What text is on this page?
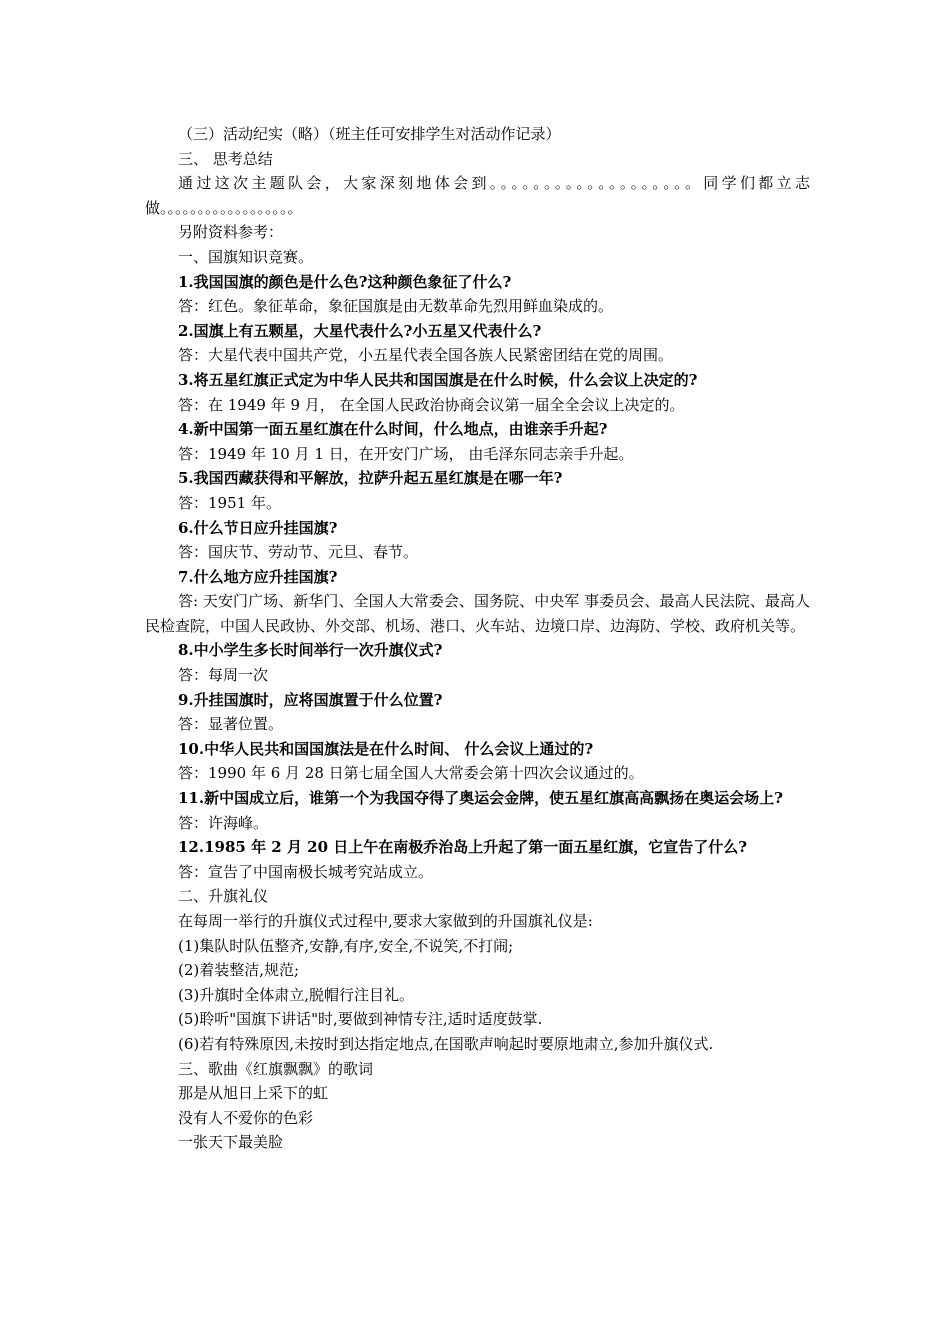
（三）活动纪实（略）（班主任可安排学生对活动作记录）
三、 思考总结
通过这次主题队会，大家深刻地体会到。。。。。。。。。。。。。。。。。。。同学们都立志做。。。。。。。。。。。。。。。。。。
另附资料参考：
一、国旗知识竞赛。
1.我国国旗的颜色是什么色?这种颜色象征了什么?
答：红色。象征革命，象征国旗是由无数革命先烈用鲜血染成的。
2.国旗上有五颗星，大星代表什么?小五星又代表什么?
答：大星代表中国共产党，小五星代表全国各族人民紧密团结在党的周围。
3.将五星红旗正式定为中华人民共和国国旗是在什么时候，什么会议上决定的?
答：在 1949 年 9 月， 在全国人民政治协商会议第一届全全会议上决定的。
4.新中国第一面五星红旗在什么时间，什么地点，由谁亲手升起?
答：1949 年 10 月 1 日，在开安门广场， 由毛泽东同志亲手升起。
5.我国西藏获得和平解放，拉萨升起五星红旗是在哪一年?
答：1951 年。
6.什么节日应升挂国旗?
答：国庆节、劳动节、元旦、春节。
7.什么地方应升挂国旗?
答: 天安门广场、新华门、全国人大常委会、国务院、中央军 事委员会、最高人民法院、最高人民检查院，中国人民政协、外交部、机场、港口、火车站、边境口岸、边海防、学校、政府机关等。
8.中小学生多长时间举行一次升旗仪式?
答：每周一次
9.升挂国旗时，应将国旗置于什么位置?
答：显著位置。
10.中华人民共和国国旗法是在什么时间、 什么会议上通过的?
答：1990 年 6 月 28 日第七届全国人大常委会第十四次会议通过的。
11.新中国成立后，谁第一个为我国夺得了奥运会金牌，使五星红旗高高飘扬在奥运会场上?
答：许海峰。
12.1985 年 2 月 20 日上午在南极乔治岛上升起了第一面五星红旗，它宣告了什么?
答：宣告了中国南极长城考究站成立。
二、升旗礼仪
在每周一举行的升旗仪式过程中,要求大家做到的升国旗礼仪是:
(1)集队时队伍整齐,安静,有序,安全,不说笑,不打闹;
(2)着装整洁,规范;
(3)升旗时全体肃立,脱帽行注目礼。
(5)聆听"国旗下讲话"时,要做到神情专注,适时适度鼓掌.
(6)若有特殊原因,未按时到达指定地点,在国歌声响起时要原地肃立,参加升旗仪式.
三、歌曲《红旗飘飘》的歌词
那是从旭日上采下的虹
没有人不爱你的色彩
一张天下最美脸
